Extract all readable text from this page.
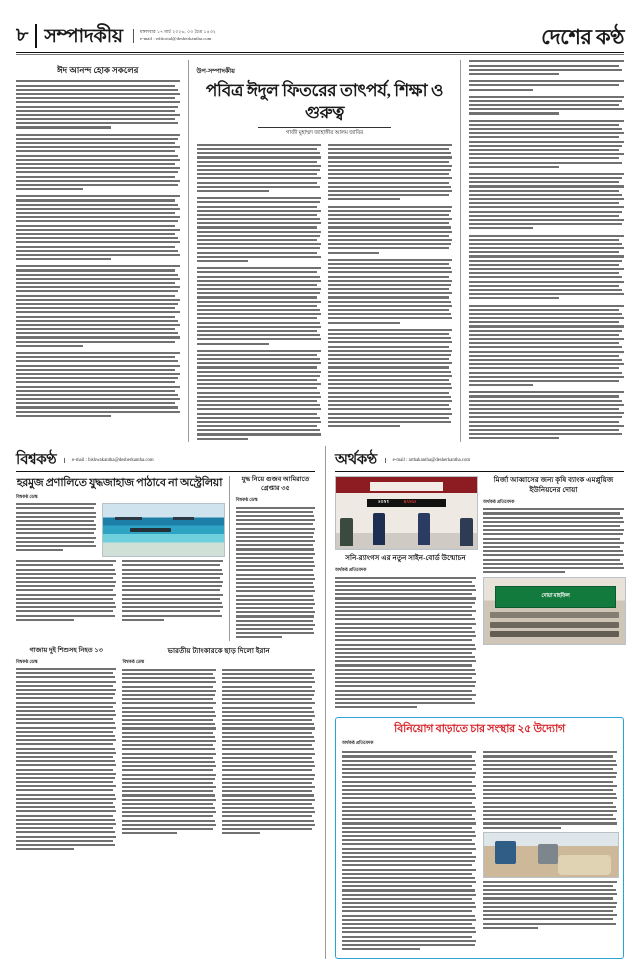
৮ সম্পাদকীয়	মঙ্গলবার ১৭ মার্চ ২০২৬, ০৩ চৈত্র ১৪৩২
e-mail : editorial@desherkantha.com	দেশের কণ্ঠ
ঈদ আনন্দ হোক সকলের	উপ-সম্পাদকীয়
পবিত্র ঈদুল ফিতরের তাৎপর্য, শিক্ষা ও গুরুত্ব
গাজী মুহাম্মদ জাহাঙ্গীর আলম জাবির
বিশ্বকণ্ঠ	e-mail : bishwakantha@desherkantha.com
হরমুজ প্রণালিতে যুদ্ধজাহাজ পাঠাবে না অস্ট্রেলিয়া
বিশ্বকণ্ঠ ডেস্ক
যুদ্ধ নিয়ে গুজব আমিরাতে গ্রেপ্তার ৩৫
বিশ্বকণ্ঠ ডেস্ক
গাজায় দুই শিশুসহ নিহত ১৩
বিশ্বকণ্ঠ ডেস্ক
ভারতীয় ট্যাংকারকে ছাড় দিলো ইরান
বিশ্বকণ্ঠ ডেস্ক
অর্থকণ্ঠ	e-mail : arthakantha@desherkantha.com
SONY	RANGS
সনি-র‌্যাংগস এর নতুন সাইন-বোর্ড উন্মোচন
অর্থকণ্ঠ প্রতিবেদক
মির্জা আব্বাসের জন্য কৃষি ব্যাংক এমপ্লুয়িজ ইউনিয়নের দোয়া
অর্থকণ্ঠ প্রতিবেদক
দোয়া মাহফিল
বিনিয়োগ বাড়াতে চার সংস্থার ২৫ উদ্যোগ
অর্থকণ্ঠ প্রতিবেদক
